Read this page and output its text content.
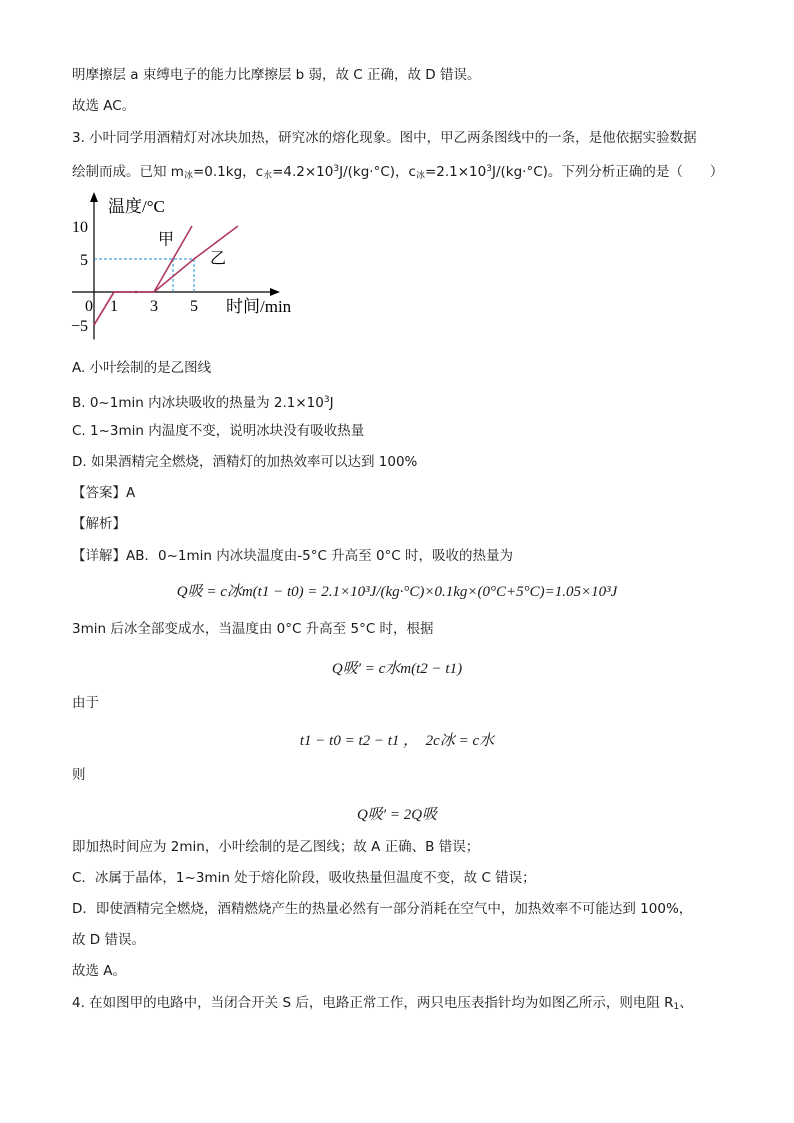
明摩擦层 a 束缚电子的能力比摩擦层 b 弱，故 C 正确，故 D 错误。
故选 AC。
3. 小叶同学用酒精灯对冰块加热，研究冰的熔化现象。图中，甲乙两条图线中的一条，是他依据实验数据
绘制而成。已知 $m_冰=0.1kg$，$c_水=4.2\times 10^3J/(kg\cdot^\circ C)$，$c_冰=2.1\times 10^3J/(kg\cdot^\circ C)$。下列分析正确的是（　　）
10
5
−5
0 1 3 5
温度/°C
时间/min
甲
乙
A. 小叶绘制的是乙图线
B. 0~1min 内冰块吸收的热量为 $2.1\times 10^3J$
C. 1~3min 内温度不变，说明冰块没有吸收热量
D. 如果酒精完全燃烧，酒精灯的加热效率可以达到 100%
【答案】A
【解析】
【详解】AB．0~1min 内冰块温度由-5°C 升高至 0°C 时，吸收的热量为
Q吸 = c冰m(t1 − t0) = 2.1×10³J/(kg·°C)×0.1kg×(0°C+5°C)=1.05×10³J
3min 后冰全部变成水，当温度由 0°C 升高至 5°C 时，根据
Q吸′ = c水m(t2 − t1)
由于
t1 − t0 = t2 − t1 ，　2c冰 = c水
则
Q吸′ = 2Q吸
即加热时间应为 2min，小叶绘制的是乙图线；故 A 正确、B 错误；
C．冰属于晶体，1~3min 处于熔化阶段，吸收热量但温度不变，故 C 错误；
D．即使酒精完全燃烧，酒精燃烧产生的热量必然有一部分消耗在空气中，加热效率不可能达到 100%，
故 D 错误。
故选 A。
4. 在如图甲的电路中，当闭合开关 S 后，电路正常工作，两只电压表指针均为如图乙所示，则电阻 $R_1$、
